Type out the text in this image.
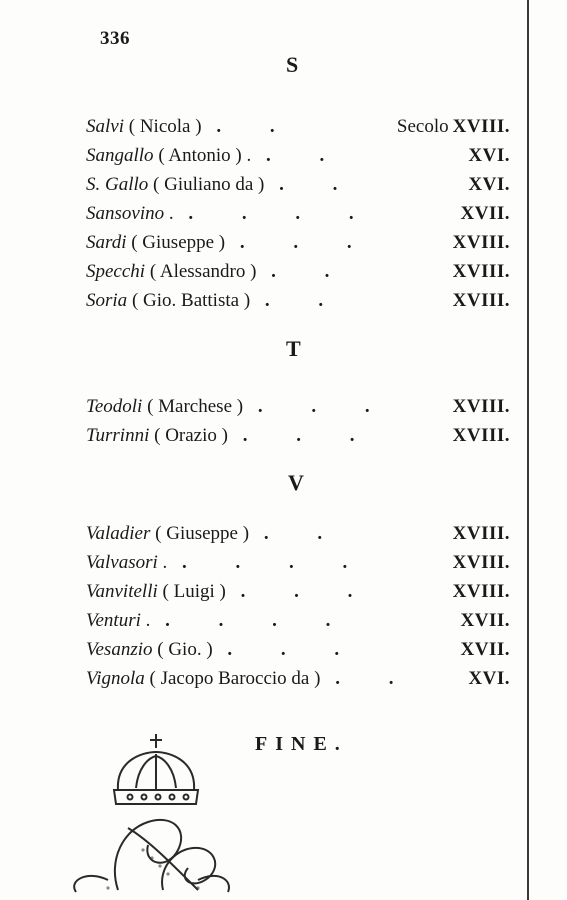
336
S
Salvi ( Nicola ) . .	Secolo XVIII.
Sangallo ( Antonio ) . . .	XVI.
S. Gallo ( Giuliano da ) . .	XVI.
Sansovino . . . . .	XVII.
Sardi ( Giuseppe ) . . .	XVIII.
Specchi ( Alessandro ) . .	XVIII.
Soria ( Gio. Battista ) . .	XVIII.
T
Teodoli ( Marchese ) . . .	XVIII.
Turrinni ( Orazio ) . . .	XVIII.
V
Valadier ( Giuseppe ) . .	XVIII.
Valvasori . . . . .	XVIII.
Vanvitelli ( Luigi ) . . .	XVIII.
Venturi . . . . .	XVII.
Vesanzio ( Gio. ) . . .	XVII.
Vignola ( Jacopo Baroccio da ) . .	XVI.
FINE.
